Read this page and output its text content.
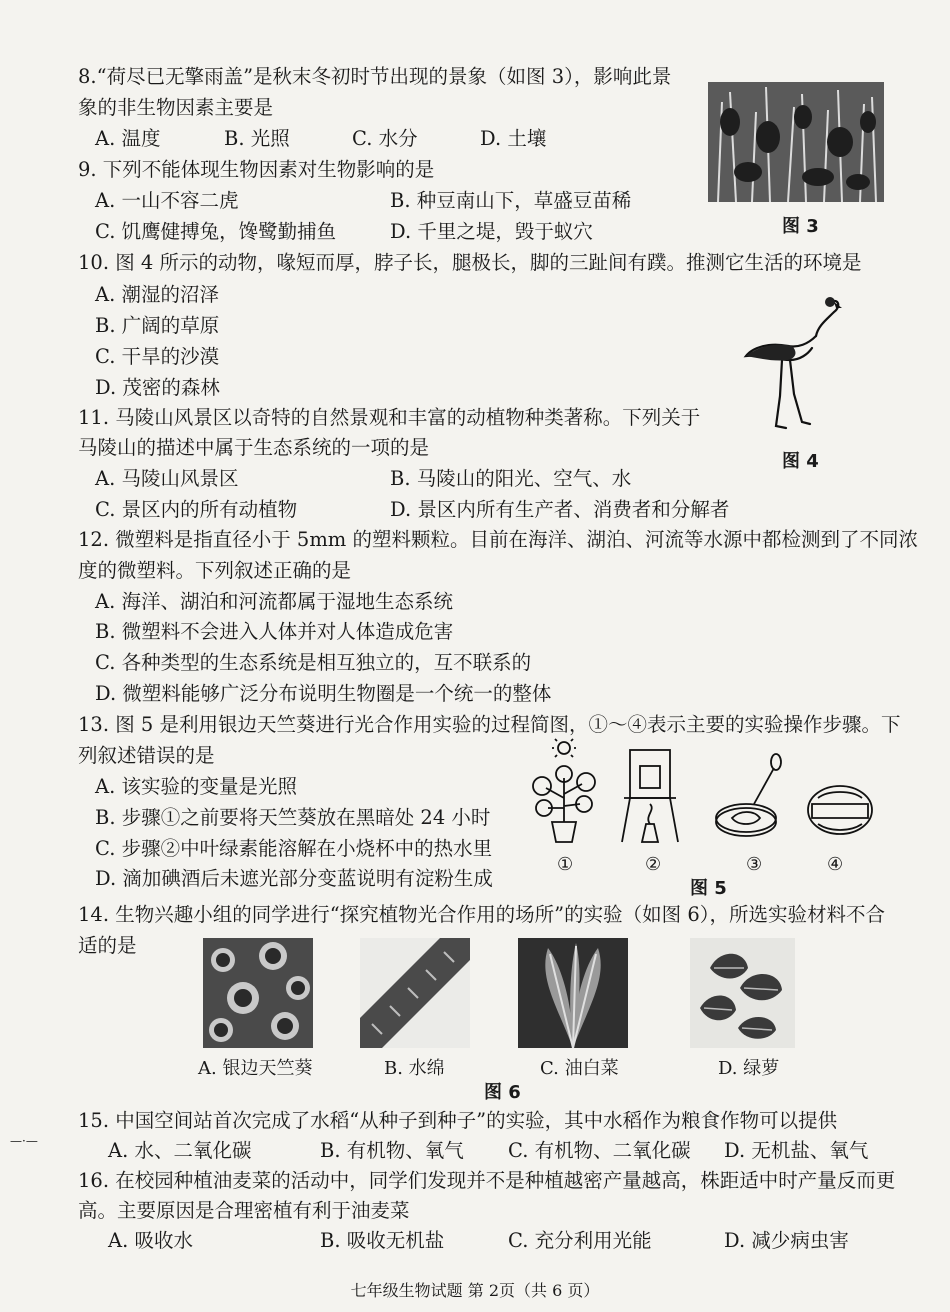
8.“荷尽已无擎雨盖”是秋末冬初时节出现的景象（如图 3），影响此景
象的非生物因素主要是
A. 温度	B. 光照	C. 水分	D. 土壤
图 3
9. 下列不能体现生物因素对生物影响的是
A. 一山不容二虎	B. 种豆南山下，草盛豆苗稀
C. 饥鹰健搏兔，馋鹭勤捕鱼	D. 千里之堤，毁于蚁穴
10. 图 4 所示的动物，喙短而厚，脖子长，腿极长，脚的三趾间有蹼。推测它生活的环境是
A. 潮湿的沼泽
B. 广阔的草原
C. 干旱的沙漠
D. 茂密的森林
图 4
11. 马陵山风景区以奇特的自然景观和丰富的动植物种类著称。下列关于
马陵山的描述中属于生态系统的一项的是
A. 马陵山风景区	B. 马陵山的阳光、空气、水
C. 景区内的所有动植物	D. 景区内所有生产者、消费者和分解者
12. 微塑料是指直径小于 5mm 的塑料颗粒。目前在海洋、湖泊、河流等水源中都检测到了不同浓
度的微塑料。下列叙述正确的是
A. 海洋、湖泊和河流都属于湿地生态系统
B. 微塑料不会进入人体并对人体造成危害
C. 各种类型的生态系统是相互独立的，互不联系的
D. 微塑料能够广泛分布说明生物圈是一个统一的整体
13. 图 5 是利用银边天竺葵进行光合作用实验的过程简图，①～④表示主要的实验操作步骤。下
列叙述错误的是
A. 该实验的变量是光照
B. 步骤①之前要将天竺葵放在黑暗处 24 小时
C. 步骤②中叶绿素能溶解在小烧杯中的热水里
D. 滴加碘酒后未遮光部分变蓝说明有淀粉生成
①	②	③	④
图 5
14. 生物兴趣小组的同学进行“探究植物光合作用的场所”的实验（如图 6），所选实验材料不合
适的是
A. 银边天竺葵	B. 水绵	C. 油白菜	D. 绿萝
图 6
15. 中国空间站首次完成了水稻“从种子到种子”的实验，其中水稻作为粮食作物可以提供
A. 水、二氧化碳	B. 有机物、氧气 C. 有机物、二氧化碳 D. 无机盐、氧气
—·—
16. 在校园种植油麦菜的活动中，同学们发现并不是种植越密产量越高，株距适中时产量反而更
高。主要原因是合理密植有利于油麦菜
A. 吸收水	B. 吸收无机盐	C. 充分利用光能	D. 减少病虫害
七年级生物试题 第 2页（共 6 页）
